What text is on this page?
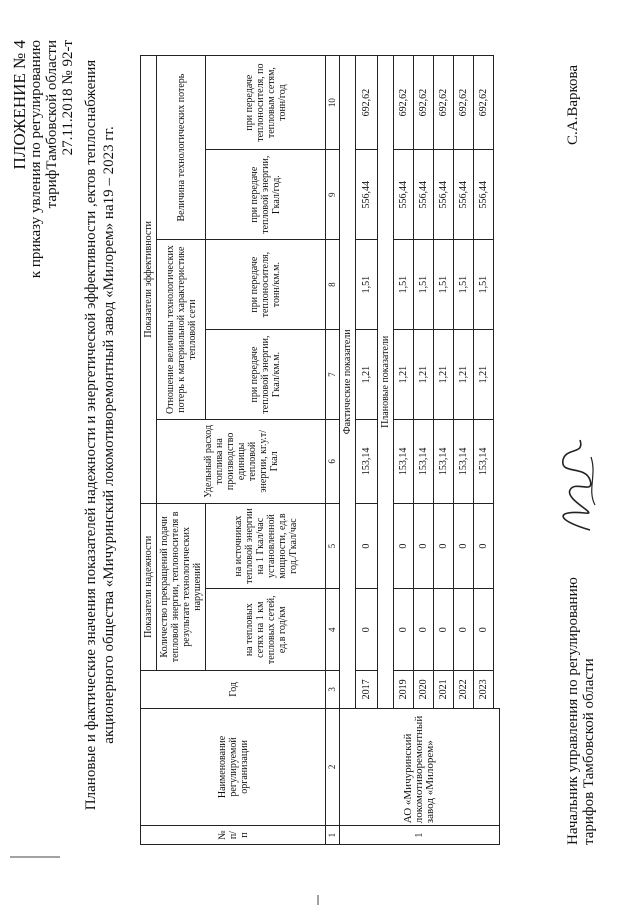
ПЛОЖЕНИЕ № 4 к приказу увления по регулированию тарифТамбовской области 27.11.2018 № 92-т Плановые и фактические значения показателей надежности и энергетической эффективности ,ектов теплоснабжения акционерного общества «Мичуринский локомотиворемонтный завод «Милорем» на19 – 2023 гг.
№ п/п	Наименование регулируемой организации	Год	Показатели надежности		Показатели эффективности				
			Количество прекращений подачи тепловой энергии, теплоносителя в результате технологических нарушений		Удельный расход топлива на производство единицы тепловой энергии, кг.у.т/Гкал	Отношение величины технологических потерь к материальной характеристике тепловой сети		Величина технологических потерь	

			на тепловых сетях на 1 км тепловых сетей, ед.в год/км	на источниках тепловой энергии на 1 Гкал/час установленной мощности, ед.в год./Гкал/час		при передаче тепловой энергии, Гкал/км.м.	при передаче теплоносителя, тонн/км.м.	при передаче тепловой энергии, Гкал/год.	при передаче теплоносителя, по тепловым сетям, тонн/год
1	2	3	4	5	6	7	8	9	10
1	АО «Мичуринский локомотиворемонтный завод «Милорем»	Фактические показатели							
		2017	0	0	153,14	1,21	1,51	556,44	692,62
		Плановые показатели							
		2019	0	0	153,14	1,21	1,51	556,44	692,62
		2020	0	0	153,14	1,21	1,51	556,44	692,62
		2021	0	0	153,14	1,21	1,51	556,44	692,62
		2022	0	0	153,14	1,21	1,51	556,44	692,62
		2023	0	0	153,14	1,21	1,51	556,44	692,62

Начальник управления по регулированию тарифов Тамбовской области
С.А.Варкова
